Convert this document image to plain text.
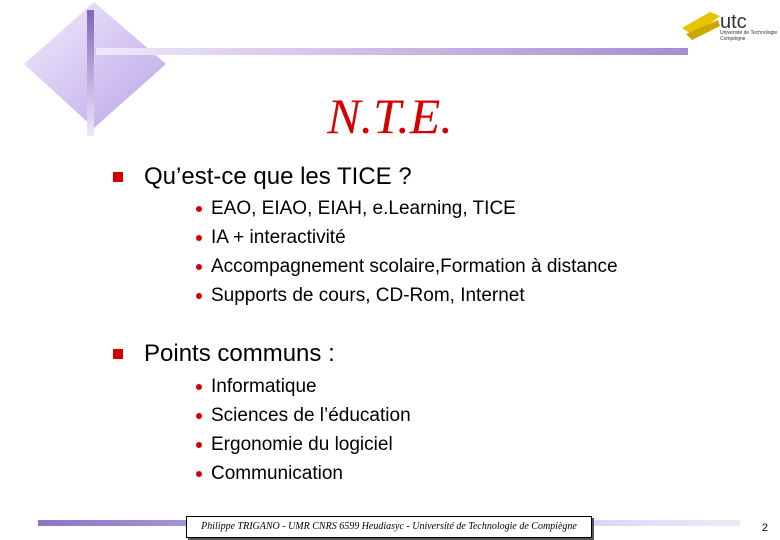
utc
Université de Technologie
Compiègne
N.T.E.
Qu’est-ce que les TICE ?
EAO, EIAO, EIAH, e.Learning, TICE
IA + interactivité
Accompagnement scolaire,Formation à distance
Supports de cours, CD-Rom, Internet
Points communs :
Informatique
Sciences de l’éducation
Ergonomie du logiciel
Communication
Philippe TRIGANO - UMR CNRS 6599 Heudiasyc - Université de Technologie de Compiègne	2
